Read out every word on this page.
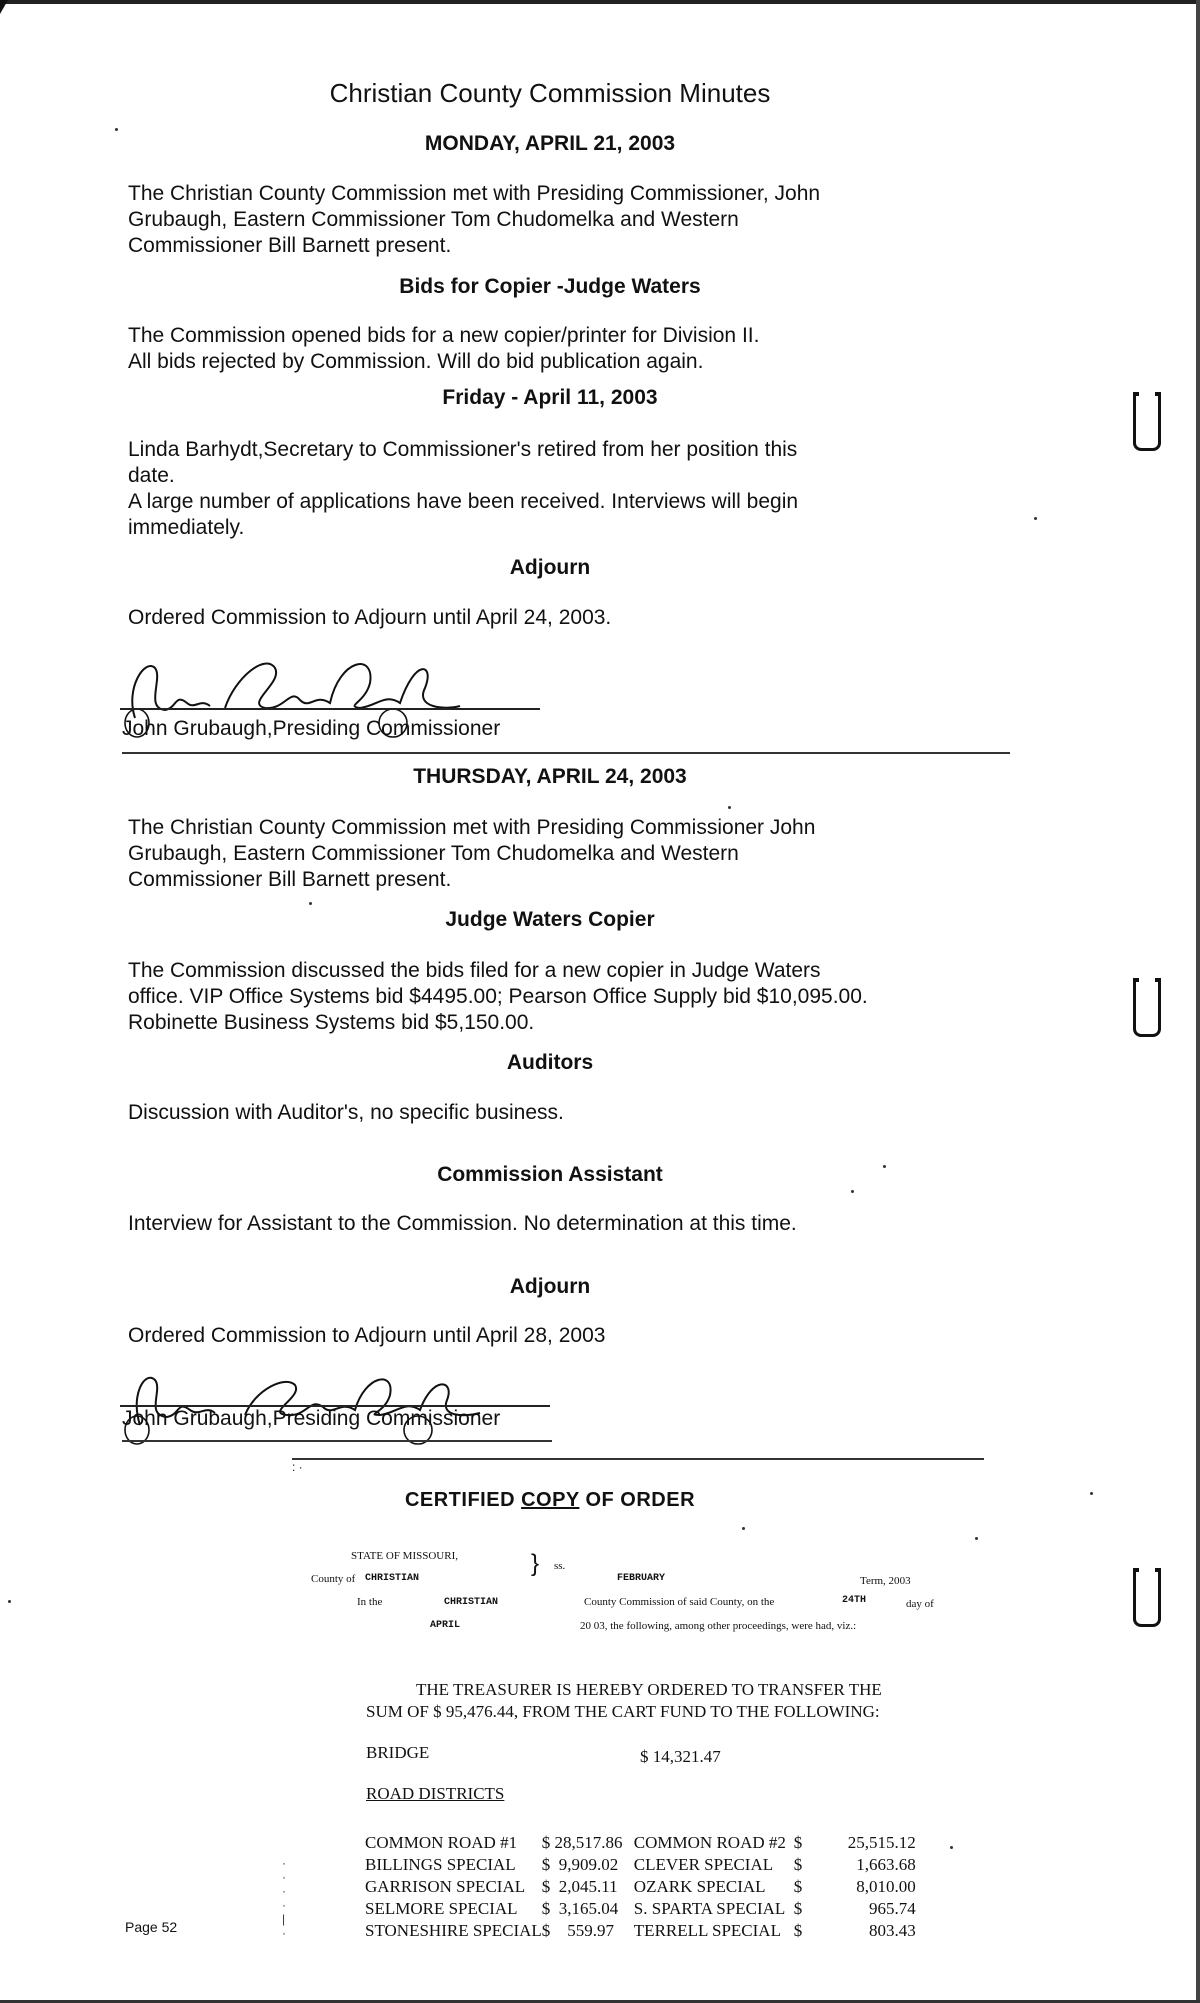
Christian County Commission Minutes
MONDAY, APRIL 21, 2003

The Christian County Commission met with Presiding Commissioner, John

Grubaugh, Eastern Commissioner Tom Chudomelka and Western

Commissioner Bill Barnett present.

Bids for Copier -Judge Waters

The Commission opened bids for a new copier/printer for Division II.

All bids rejected by Commission. Will do bid publication again.

Friday - April 11, 2003

Linda Barhydt,Secretary to Commissioner's retired from her position this

date.

A large number of applications have been received. Interviews will begin

immediately.

Adjourn
Ordered Commission to Adjourn until April 24, 2003.
John Grubaugh,Presiding Commissioner
THURSDAY, APRIL 24, 2003

The Christian County Commission met with Presiding Commissioner John

Grubaugh, Eastern Commissioner Tom Chudomelka and Western

Commissioner Bill Barnett present.

Judge Waters Copier

The Commission discussed the bids filed for a new copier in Judge Waters

office. VIP Office Systems bid $4495.00; Pearson Office Supply bid $10,095.00.

Robinette Business Systems bid $5,150.00.

Auditors
Discussion with Auditor's, no specific business.
Commission Assistant
Interview for Assistant to the Commission. No determination at this time.
Adjourn
Ordered Commission to Adjourn until April 28, 2003
John Grubaugh,Presiding Commissioner
: ·
CERTIFIED COPY OF ORDER
STATE OF MISSOURI,	} ss.
County of CHRISTIAN	FEBRUARY	Term, 2003
In the	CHRISTIAN	County Commission of said County, on the	24TH	day of
APRIL	20 03, the following, among other proceedings, were had, viz.:
THE TREASURER IS HEREBY ORDERED TO TRANSFER THE
SUM OF $ 95,476.44, FROM THE CART FUND TO THE FOLLOWING:
BRIDGE	$ 14,321.47
ROAD DISTRICTS
COMMON ROAD #1	$ 28,517.86	COMMON ROAD #2	$	25,515.12
BILLINGS SPECIAL	$  9,909.02	CLEVER SPECIAL	$	1,663.68
GARRISON SPECIAL	$  2,045.11	OZARK SPECIAL	$	8,010.00
SELMORE SPECIAL	$  3,165.04	S. SPARTA SPECIAL	$	965.74
STONESHIRE SPECIAL	$    559.97	TERRELL SPECIAL	$	803.43
·
·
·
·
|
·
Page 52
